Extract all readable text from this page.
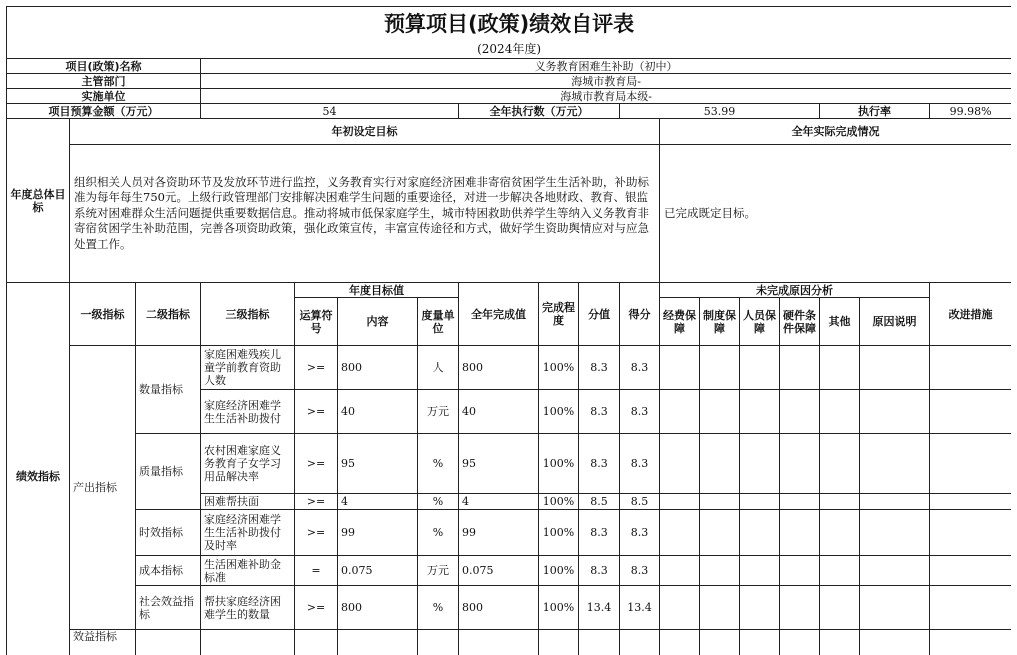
预算项目(政策)绩效自评表																	
(2024年度)																	
项目(政策)名称			义务教育困难生补助（初中）														
主管部门			海城市教育局-														
实施单位			海城市教育局本级-														
项目预算金额（万元）			54				全年执行数（万元）			53.99					执行率		99.98%
年度总体目标	年初设定目标										全年实际完成情况						
	组织相关人员对各资助环节及发放环节进行监控，义务教育实行对家庭经济困难非寄宿贫困学生生活补助，补助标准为每年每生750元。上级行政管理部门安排解决困难学生问题的重要途径，对进一步解决各地财政、教育、银监系统对困难群众生活问题提供重要数据信息。推动将城市低保家庭学生，城市特困救助供养学生等纳入义务教育非寄宿贫困学生补助范围，完善各项资助政策，强化政策宣传，丰富宣传途径和方式，做好学生资助舆情应对与应急处置工作。										已完成既定目标。						
绩效指标	一级指标	二级指标	三级指标	年度目标值			全年完成值	完成程度	分值	得分	未完成原因分析						改进措施
				运算符号	内容	度量单位					经费保障	制度保障	人员保障	硬件条件保障	其他	原因说明	
	产出指标	数量指标	家庭困难残疾儿童学前教育资助人数	>=	800	人	800	100%	8.3	8.3							
			家庭经济困难学生生活补助拨付	>=	40	万元	40	100%	8.3	8.3							
		质量指标	农村困难家庭义务教育子女学习用品解决率	>=	95	%	95	100%	8.3	8.3							
			困难帮扶面	>=	4	%	4	100%	8.5	8.5							
		时效指标	家庭经济困难学生生活补助拨付及时率	>=	99	%	99	100%	8.3	8.3							
		成本指标	生活困难补助金标准	=	0.075	万元	0.075	100%	8.3	8.3							
		社会效益指标	帮扶家庭经济困难学生的数量	>=	800	%	800	100%	13.4	13.4							
	效益指标																
